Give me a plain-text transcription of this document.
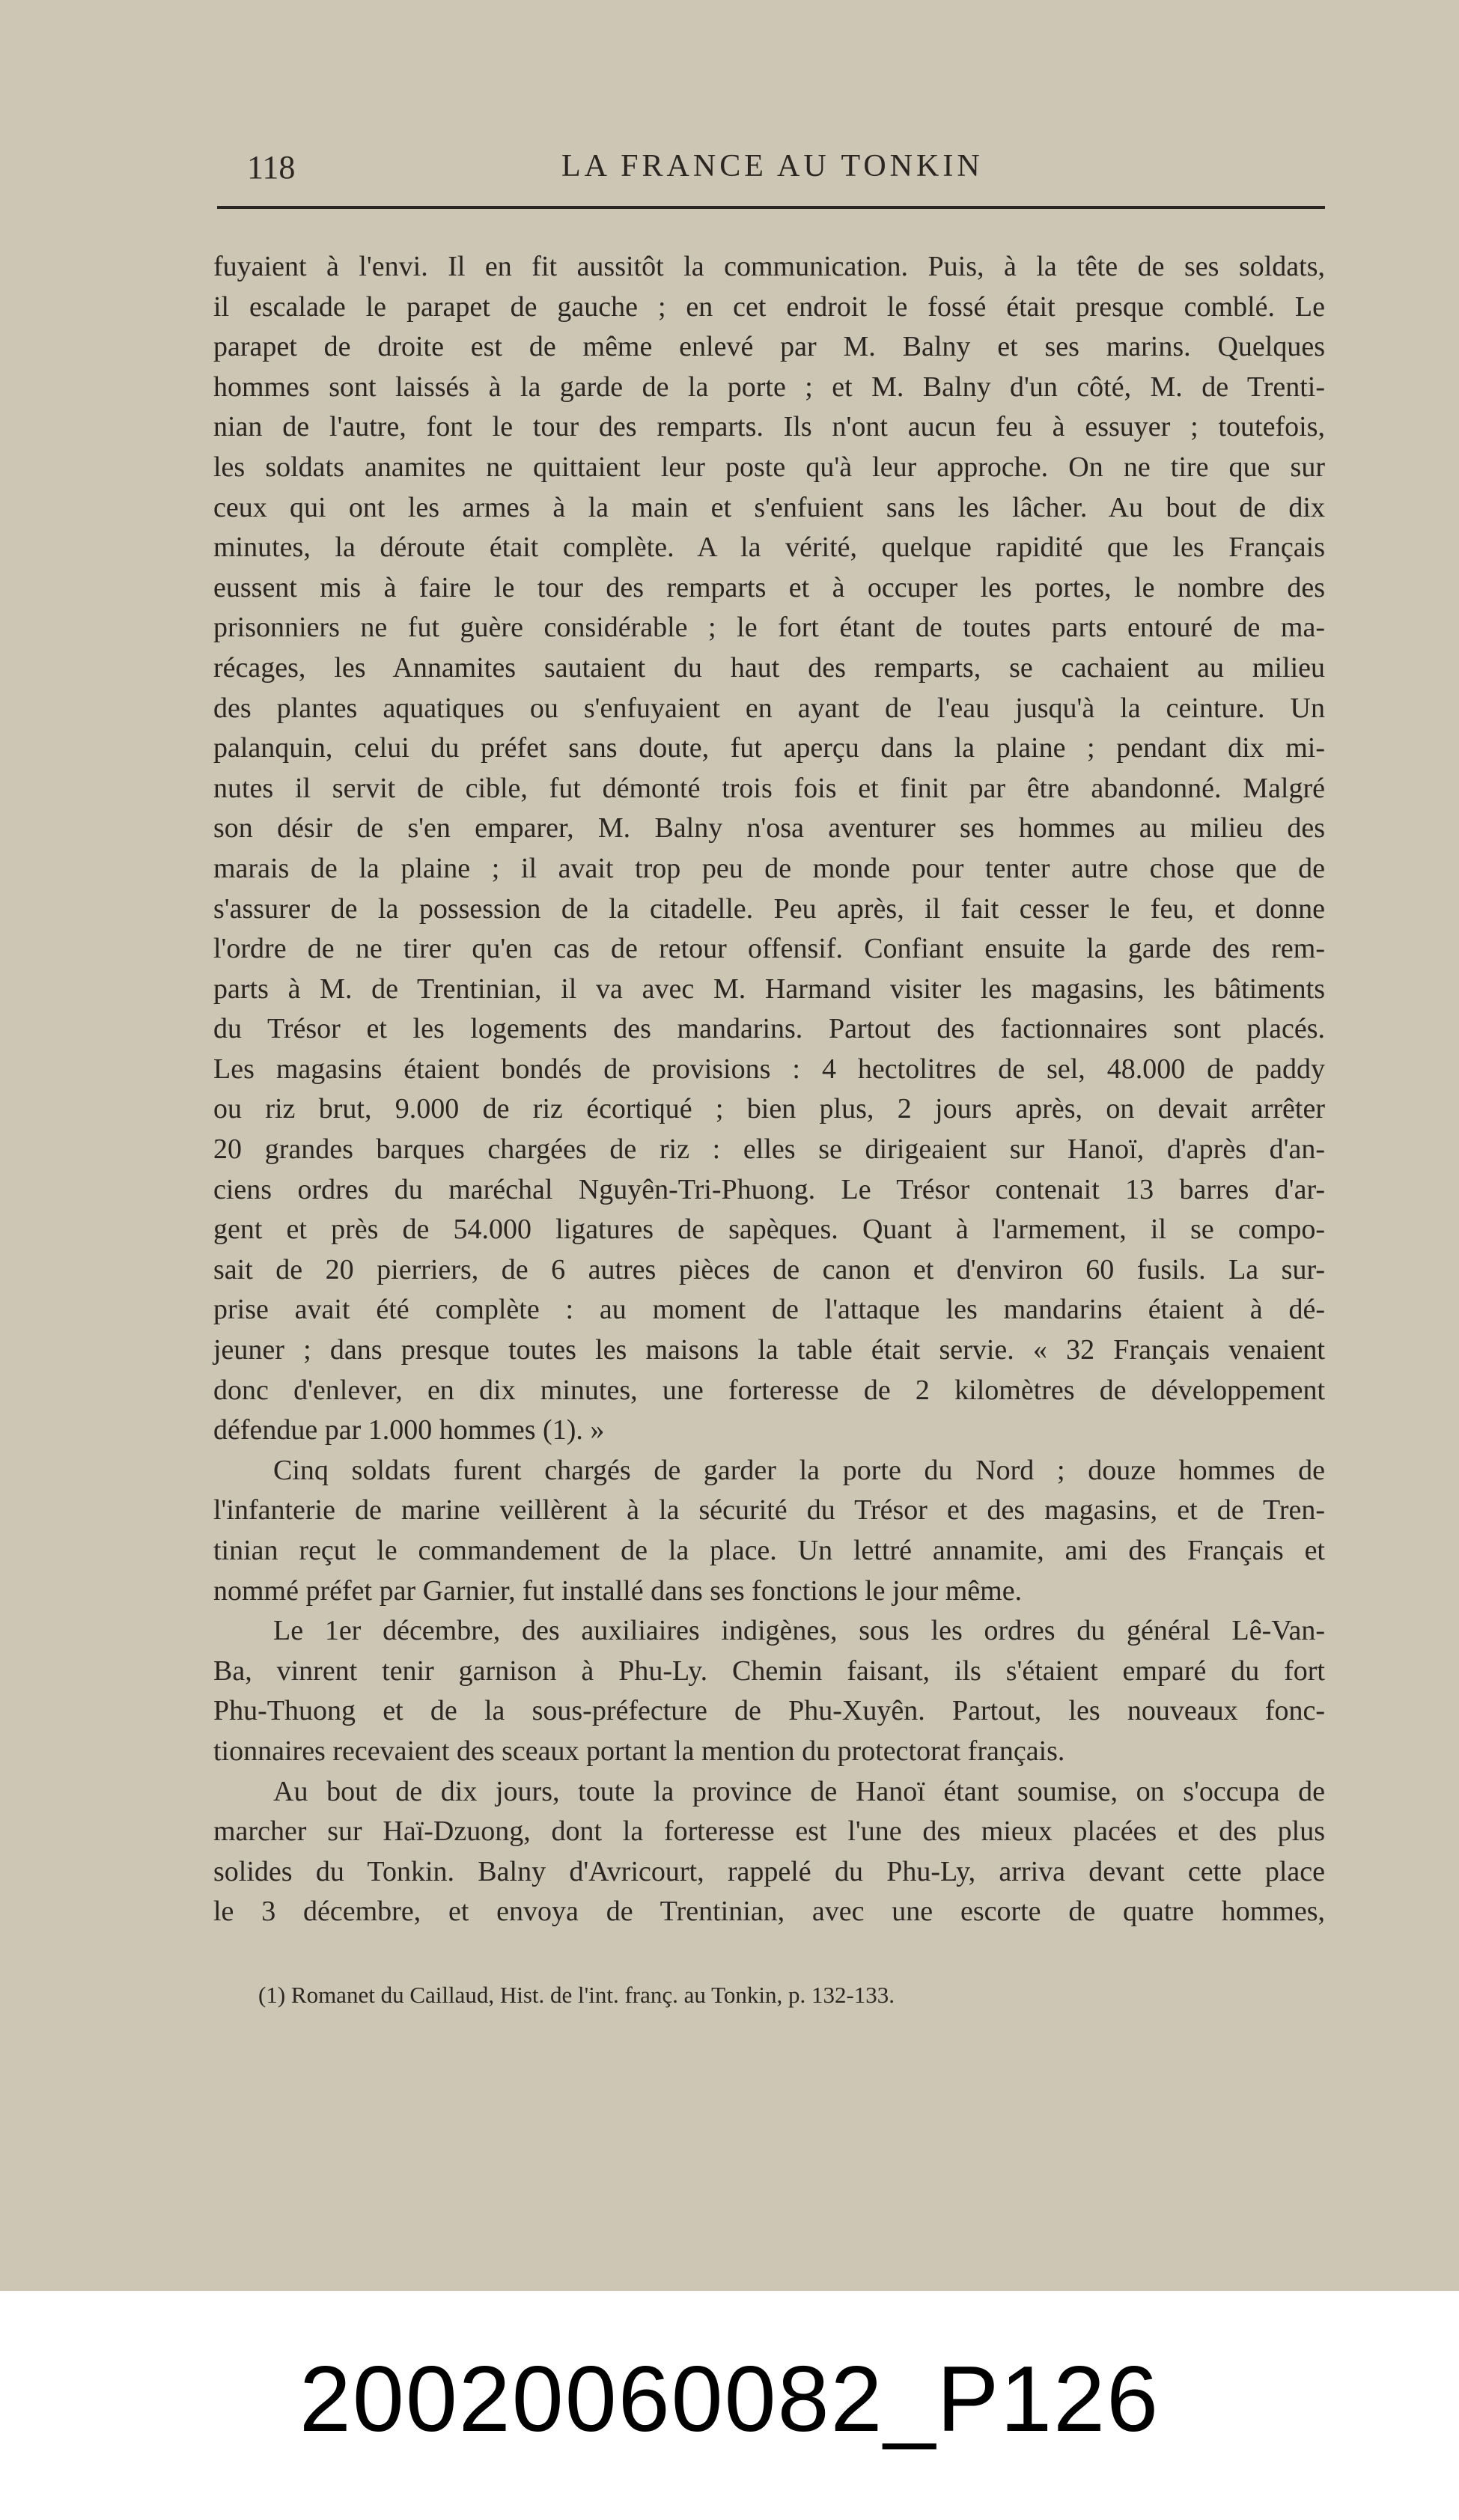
118	LA FRANCE AU TONKIN

fuyaient à l'envi. Il en fit aussitôt la communication. Puis, à la tête de ses soldats,

il escalade le parapet de gauche ; en cet endroit le fossé était presque comblé. Le

parapet de droite est de même enlevé par M. Balny et ses marins. Quelques

hommes sont laissés à la garde de la porte ; et M. Balny d'un côté, M. de Trenti-

nian de l'autre, font le tour des remparts. Ils n'ont aucun feu à essuyer ; toutefois,

les soldats anamites ne quittaient leur poste qu'à leur approche. On ne tire que sur

ceux qui ont les armes à la main et s'enfuient sans les lâcher. Au bout de dix

minutes, la déroute était complète. A la vérité, quelque rapidité que les Français

eussent mis à faire le tour des remparts et à occuper les portes, le nombre des

prisonniers ne fut guère considérable ; le fort étant de toutes parts entouré de ma-

récages, les Annamites sautaient du haut des remparts, se cachaient au milieu

des plantes aquatiques ou s'enfuyaient en ayant de l'eau jusqu'à la ceinture. Un

palanquin, celui du préfet sans doute, fut aperçu dans la plaine ; pendant dix mi-

nutes il servit de cible, fut démonté trois fois et finit par être abandonné. Malgré

son désir de s'en emparer, M. Balny n'osa aventurer ses hommes au milieu des

marais de la plaine ; il avait trop peu de monde pour tenter autre chose que de

s'assurer de la possession de la citadelle. Peu après, il fait cesser le feu, et donne

l'ordre de ne tirer qu'en cas de retour offensif. Confiant ensuite la garde des rem-

parts à M. de Trentinian, il va avec M. Harmand visiter les magasins, les bâtiments

du Trésor et les logements des mandarins. Partout des factionnaires sont placés.

Les magasins étaient bondés de provisions : 4 hectolitres de sel, 48.000 de paddy

ou riz brut, 9.000 de riz écortiqué ; bien plus, 2 jours après, on devait arrêter

20 grandes barques chargées de riz : elles se dirigeaient sur Hanoï, d'après d'an-

ciens ordres du maréchal Nguyên-Tri-Phuong. Le Trésor contenait 13 barres d'ar-

gent et près de 54.000 ligatures de sapèques. Quant à l'armement, il se compo-

sait de 20 pierriers, de 6 autres pièces de canon et d'environ 60 fusils. La sur-

prise avait été complète : au moment de l'attaque les mandarins étaient à dé-

jeuner ; dans presque toutes les maisons la table était servie. « 32 Français venaient

donc d'enlever, en dix minutes, une forteresse de 2 kilomètres de développement

défendue par 1.000 hommes (1). »

Cinq soldats furent chargés de garder la porte du Nord ; douze hommes de

l'infanterie de marine veillèrent à la sécurité du Trésor et des magasins, et de Tren-

tinian reçut le commandement de la place. Un lettré annamite, ami des Français et

nommé préfet par Garnier, fut installé dans ses fonctions le jour même.

Le 1er décembre, des auxiliaires indigènes, sous les ordres du général Lê-Van-

Ba, vinrent tenir garnison à Phu-Ly. Chemin faisant, ils s'étaient emparé du fort

Phu-Thuong et de la sous-préfecture de Phu-Xuyên. Partout, les nouveaux fonc-

tionnaires recevaient des sceaux portant la mention du protectorat français.

Au bout de dix jours, toute la province de Hanoï étant soumise, on s'occupa de

marcher sur Haï-Dzuong, dont la forteresse est l'une des mieux placées et des plus

solides du Tonkin. Balny d'Avricourt, rappelé du Phu-Ly, arriva devant cette place

le 3 décembre, et envoya de Trentinian, avec une escorte de quatre hommes,

(1) Romanet du Caillaud, Hist. de l'int. franç. au Tonkin, p. 132-133.
20020060082_P126
